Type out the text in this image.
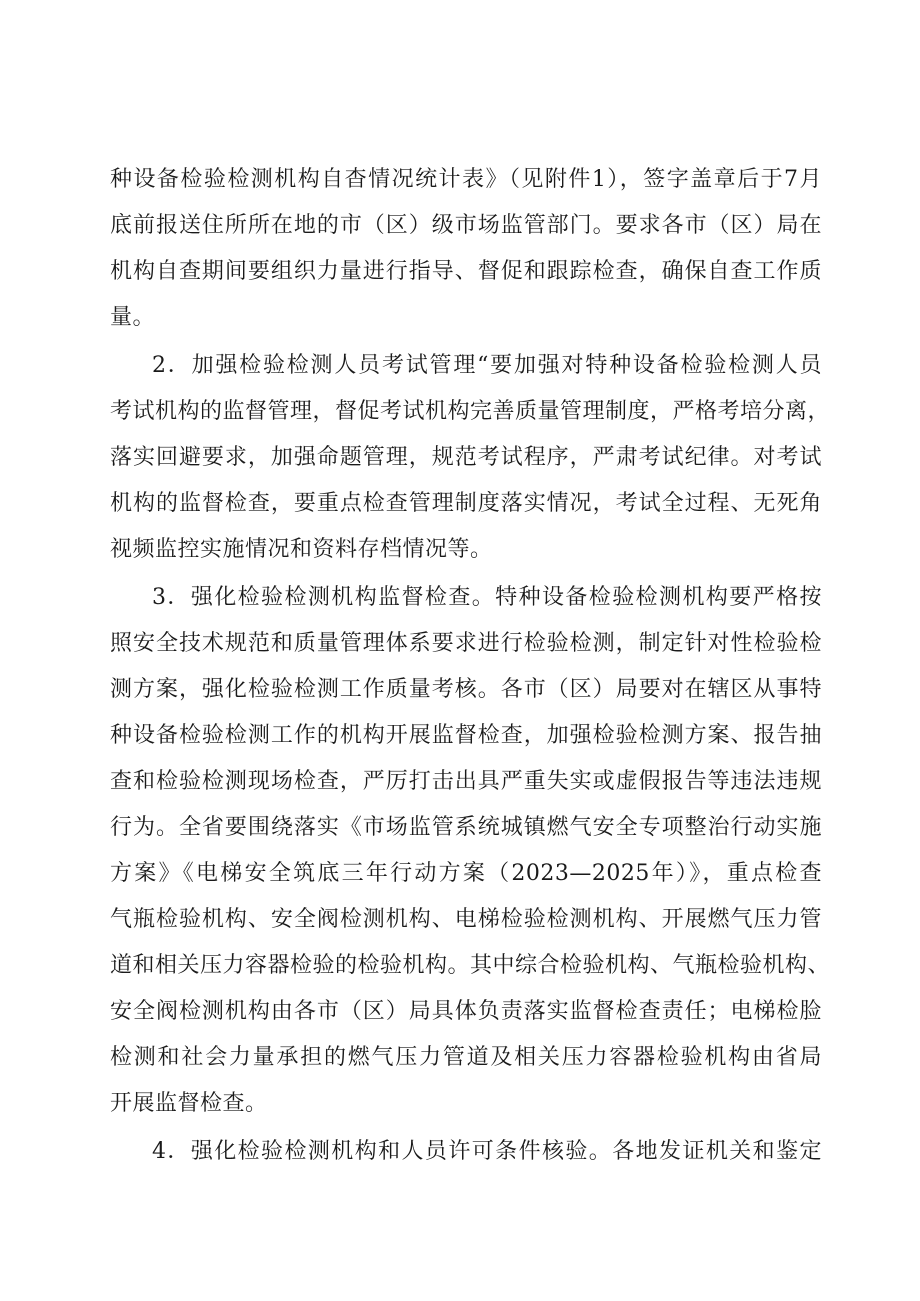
种设备检验检测机构自杳情况统计表》（见附件1），签字盖章后于7月
底前报送住所所在地的市（区）级市场监管部门。要求各市（区）局在
机构自查期间要组织力量进行指导、督促和跟踪检查，确保自查工作质
量。
2．加强检验检测人员考试管理“要加强对特种设备检验检测人员
考试机构的监督管理，督促考试机构完善质量管理制度，严格考培分离，
落实回避要求，加强命题管理，规范考试程序，严肃考试纪律。对考试
机构的监督检查，要重点检查管理制度落实情况，考试全过程、无死角
视频监控实施情况和资料存档情况等。
3．强化检验检测机构监督检查。特种设备检验检测机构要严格按
照安全技术规范和质量管理体系要求进行检验检测，制定针对性检验检
测方案，强化检验检测工作质量考核。各市（区）局要对在辖区从事特
种设备检验检测工作的机构开展监督检查，加强检验检测方案、报告抽
查和检验检测现场检查，严厉打击出具严重失实或虚假报告等违法违规
行为。全省要围绕落实《市场监管系统城镇燃气安全专项整治行动实施
方案》《电梯安全筑底三年行动方案（2023—2025年）》，重点检查
气瓶检验机构、安全阀检测机构、电梯检验检测机构、开展燃气压力管
道和相关压力容器检验的检验机构。其中综合检验机构、气瓶检验机构、
安全阀检测机构由各市（区）局具体负责落实监督检查责任；电梯检脸
检测和社会力量承担的燃气压力管道及相关压力容器检验机构由省局
开展监督检查。
4．强化检验检测机构和人员许可条件核验。各地发证机关和鉴定
